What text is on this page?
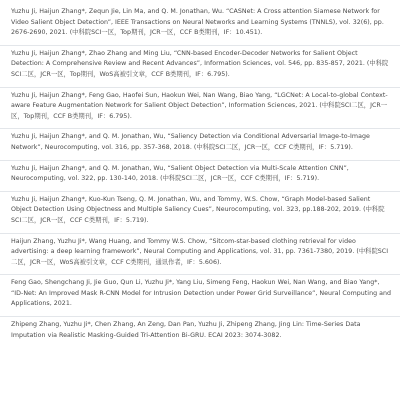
Yuzhu Ji, Haijun Zhang*, Zequn Jie, Lin Ma, and Q. M. Jonathan, Wu. “CASNet: A Cross attention Siamese Network for Video Salient Object Detection”, IEEE Transactions on Neural Networks and Learning Systems (TNNLS), vol. 32(6), pp. 2676-2690, 2021. (中科院SCI一区，Top期刊，JCR一区，CCF B类期刊，IF：10.451).
Yuzhu Ji, Haijun Zhang*, Zhao Zhang and Ming Liu, “CNN-based Encoder-Decoder Networks for Salient Object Detection: A Comprehensive Review and Recent Advances”, Information Sciences, vol. 546, pp. 835-857, 2021. (中科院SCI二区，JCR一区，Top期刊，WoS高被引文章，CCF B类期刊，IF：6.795).
Yuzhu Ji, Haijun Zhang*, Feng Gao, Haofei Sun, Haokun Wei, Nan Wang, Biao Yang, “LGCNet: A Local-to-global Context-aware Feature Augmentation Network for Salient Object Detection”, Information Sciences, 2021. (中科院SCI二区，JCR一区，Top期刊，CCF B类期刊，IF：6.795).
Yuzhu Ji, Haijun Zhang*, and Q. M. Jonathan, Wu, “Saliency Detection via Conditional Adversarial Image-to-Image Network”, Neurocomputing, vol. 316, pp. 357-368, 2018. (中科院SCI二区，JCR一区，CCF C类期刊，IF：5.719).
Yuzhu Ji, Haijun Zhang*, and Q. M. Jonathan, Wu, “Salient Object Detection via Multi-Scale Attention CNN”, Neurocomputing, vol. 322, pp. 130-140, 2018. (中科院SCI二区，JCR一区，CCF C类期刊，IF：5.719).
Yuzhu Ji, Haijun Zhang*, Kuo-Kun Tseng, Q. M. Jonathan, Wu, and Tommy, W.S. Chow, “Graph Model-based Salient Object Detection Using Objectness and Multiple Saliency Cues”, Neurocomputing, vol. 323, pp.188-202, 2019. (中科院SCI二区，JCR一区，CCF C类期刊，IF：5.719).
Haijun Zhang, Yuzhu Ji*, Wang Huang, and Tommy W.S. Chow, “Sitcom-star-based clothing retrieval for video advertising: a deep learning framework”, Neural Computing and Applications, vol. 31, pp. 7361-7380, 2019. (中科院SCI二区，JCR一区，WoS高被引文章，CCF C类期刊，通讯作者，IF：5.606).
Feng Gao, Shengchang Ji, Jie Guo, Qun Li, Yuzhu Ji*, Yang Liu, Simeng Feng, Haokun Wei, Nan Wang, and Biao Yang*, “ID-Net: An Improved Mask R-CNN Model for Intrusion Detection under Power Grid Surveillance”, Neural Computing and Applications, 2021.
Zhipeng Zhang, Yuzhu Ji*, Chen Zhang, An Zeng, Dan Pan, Yuzhu Ji, Zhipeng Zhang, Jing Lin: Time-Series Data Imputation via Realistic Masking-Guided Tri-Attention Bi-GRU. ECAI 2023: 3074-3082.
